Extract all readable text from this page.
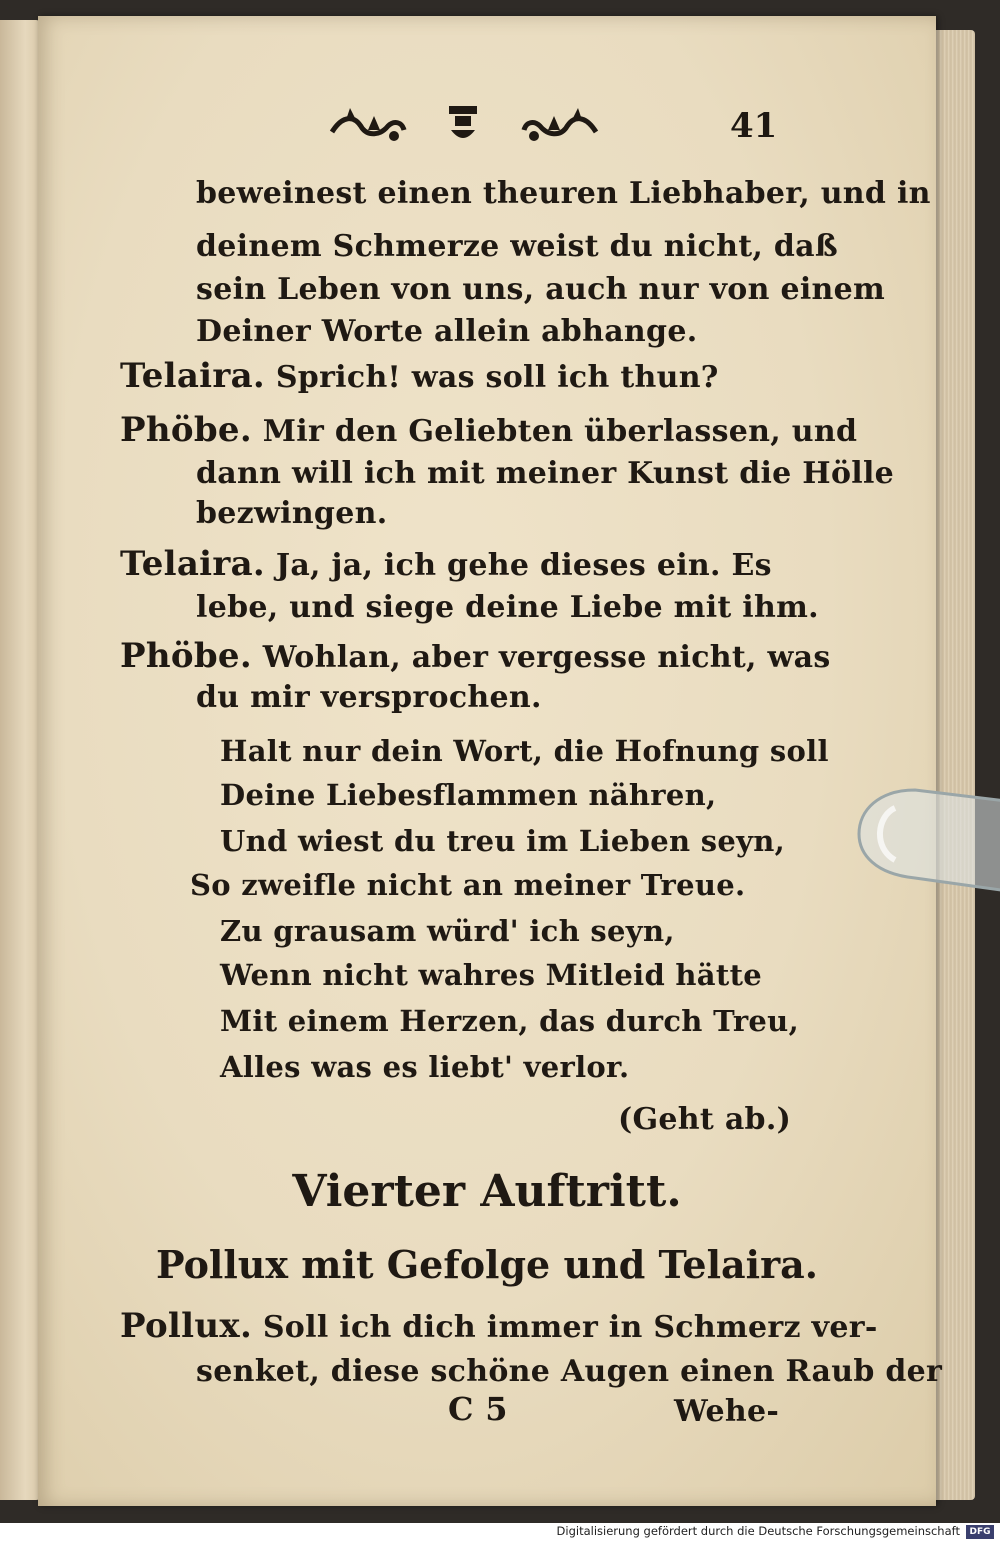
41
beweinest einen theuren Liebhaber, und in
deinem Schmerze weist du nicht, daß
sein Leben von uns, auch nur von einem
Deiner Worte allein abhange.
Telaira. Sprich! was soll ich thun?
Phöbe. Mir den Geliebten überlassen, und
dann will ich mit meiner Kunst die Hölle
bezwingen.
Telaira. Ja, ja, ich gehe dieses ein. Es
lebe, und siege deine Liebe mit ihm.
Phöbe. Wohlan, aber vergesse nicht, was
du mir versprochen.
Halt nur dein Wort, die Hofnung soll
Deine Liebesflammen nähren,
Und wiest du treu im Lieben seyn,
So zweifle nicht an meiner Treue.
Zu grausam würd' ich seyn,
Wenn nicht wahres Mitleid hätte
Mit einem Herzen, das durch Treu,
Alles was es liebt' verlor.
(Geht ab.)
Vierter Auftritt.
Pollux mit Gefolge und Telaira.
Pollux. Soll ich dich immer in Schmerz ver-
senket, diese schöne Augen einen Raub der
C 5	Wehe-
Digitalisierung gefördert durch die Deutsche Forschungsgemeinschaft	DFG
